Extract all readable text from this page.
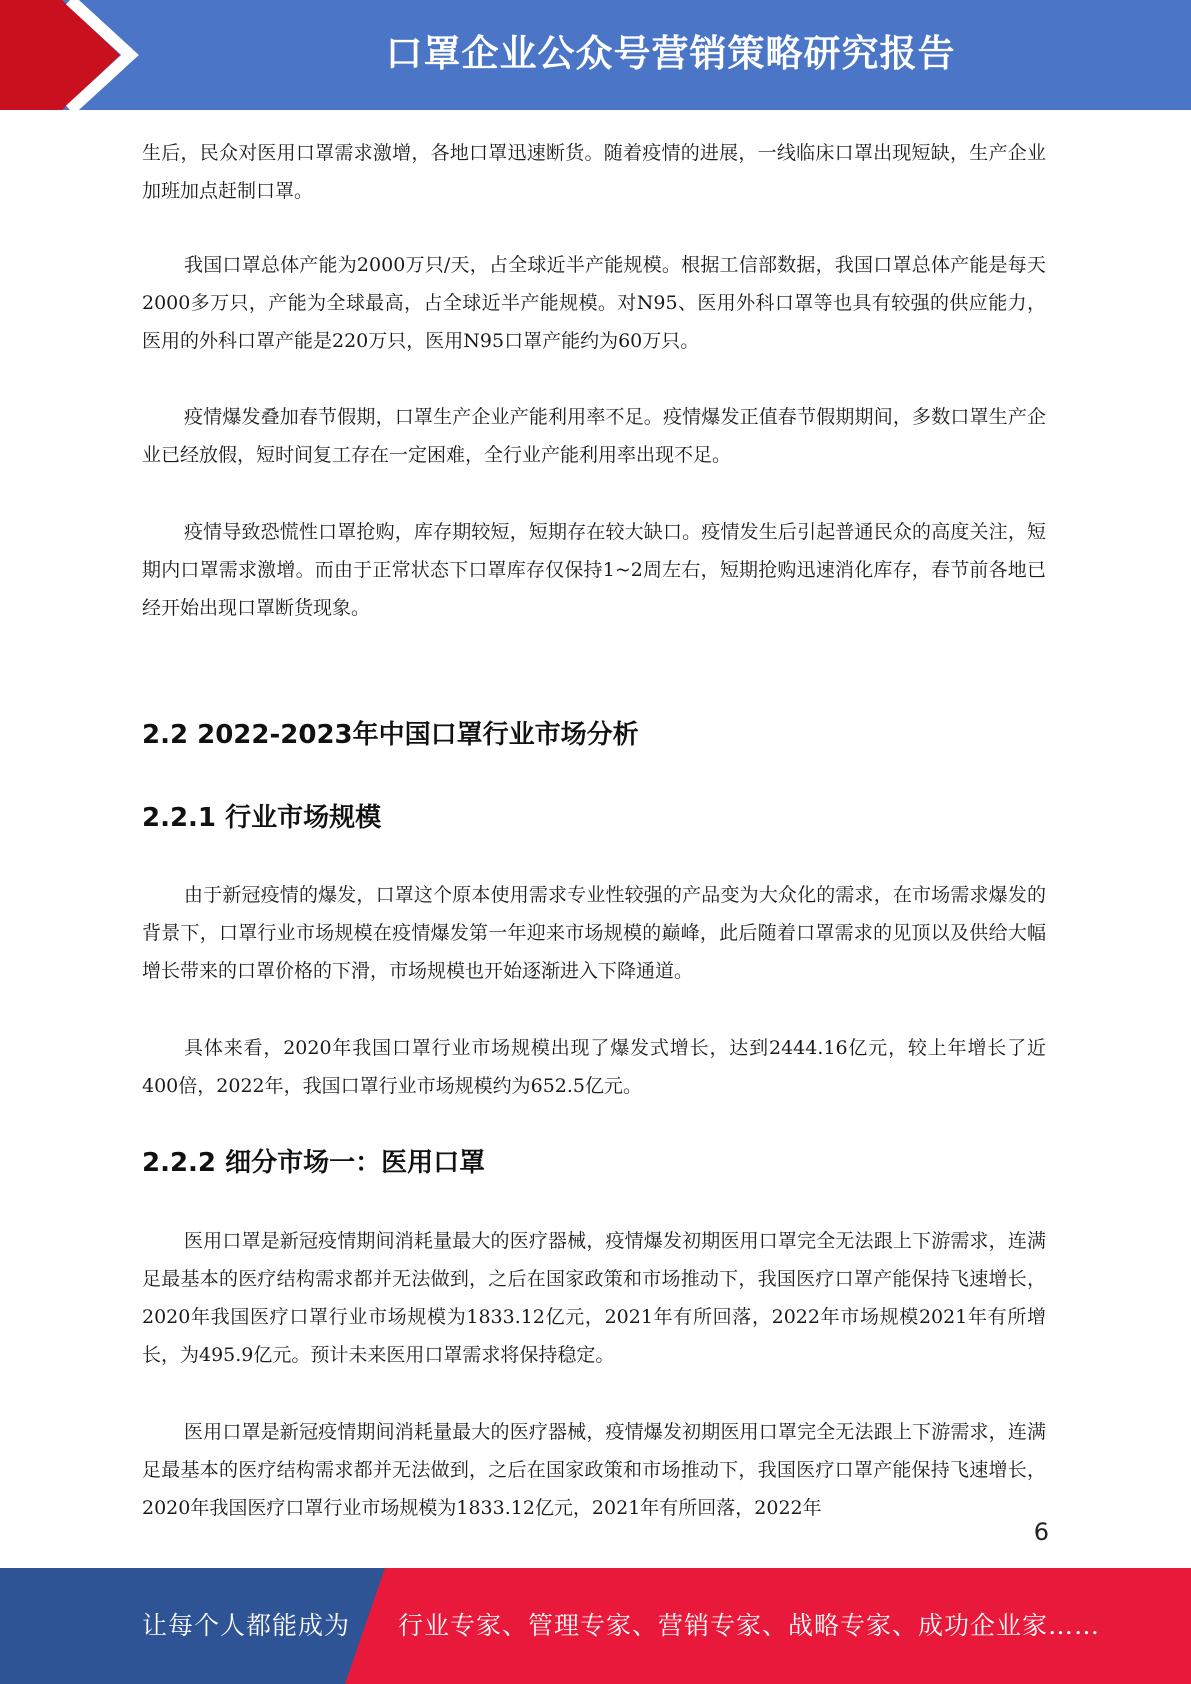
口罩企业公众号营销策略研究报告

生后，民众对医用口罩需求激增，各地口罩迅速断货。随着疫情的进展，一线临床口罩出现短缺，生产企业加班加点赶制口罩。

我国口罩总体产能为2000万只/天，占全球近半产能规模。根据工信部数据，我国口罩总体产能是每天2000多万只，产能为全球最高，占全球近半产能规模。对N95、医用外科口罩等也具有较强的供应能力，医用的外科口罩产能是220万只，医用N95口罩产能约为60万只。

疫情爆发叠加春节假期，口罩生产企业产能利用率不足。疫情爆发正值春节假期期间，多数口罩生产企业已经放假，短时间复工存在一定困难，全行业产能利用率出现不足。

疫情导致恐慌性口罩抢购，库存期较短，短期存在较大缺口。疫情发生后引起普通民众的高度关注，短期内口罩需求激增。而由于正常状态下口罩库存仅保持1~2周左右，短期抢购迅速消化库存，春节前各地已经开始出现口罩断货现象。

2.2 2022-2023年中国口罩行业市场分析
2.2.1 行业市场规模

由于新冠疫情的爆发，口罩这个原本使用需求专业性较强的产品变为大众化的需求，在市场需求爆发的背景下，口罩行业市场规模在疫情爆发第一年迎来市场规模的巅峰，此后随着口罩需求的见顶以及供给大幅增长带来的口罩价格的下滑，市场规模也开始逐渐进入下降通道。

具体来看，2020年我国口罩行业市场规模出现了爆发式增长，达到2444.16亿元，较上年增长了近400倍，2022年，我国口罩行业市场规模约为652.5亿元。

2.2.2 细分市场一：医用口罩

医用口罩是新冠疫情期间消耗量最大的医疗器械，疫情爆发初期医用口罩完全无法跟上下游需求，连满足最基本的医疗结构需求都并无法做到，之后在国家政策和市场推动下，我国医疗口罩产能保持飞速增长，2020年我国医疗口罩行业市场规模为1833.12亿元，2021年有所回落，2022年市场规模2021年有所增长，为495.9亿元。预计未来医用口罩需求将保持稳定。

医用口罩是新冠疫情期间消耗量最大的医疗器械，疫情爆发初期医用口罩完全无法跟上下游需求，连满足最基本的医疗结构需求都并无法做到，之后在国家政策和市场推动下，我国医疗口罩产能保持飞速增长，2020年我国医疗口罩行业市场规模为1833.12亿元，2021年有所回落，2022年

6
让每个人都能成为 行业专家、管理专家、营销专家、战略专家、成功企业家……
